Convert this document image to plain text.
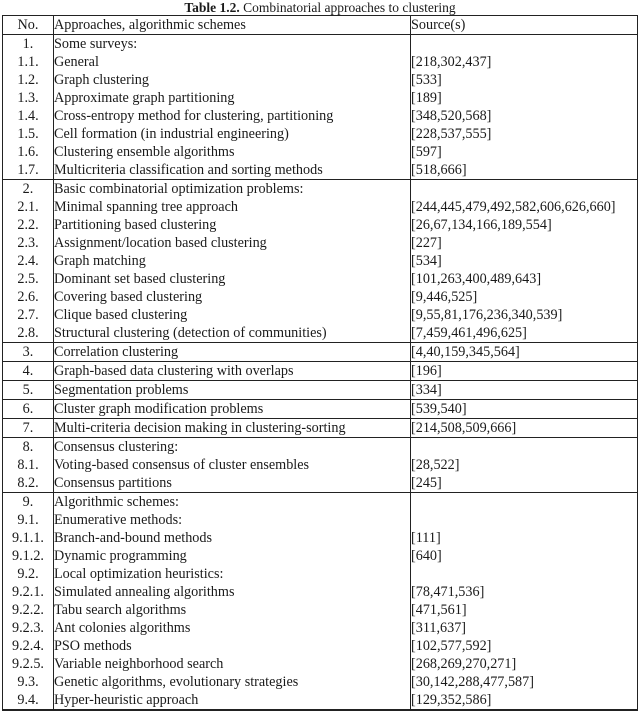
Table 1.2. Combinatorial approaches to clustering
No.	Approaches, algorithmic schemes	Source(s)
1.	Some surveys:	
1.1.	General	[218,302,437]
1.2.	Graph clustering	[533]
1.3.	Approximate graph partitioning	[189]
1.4.	Cross-entropy method for clustering, partitioning	[348,520,568]
1.5.	Cell formation (in industrial engineering)	[228,537,555]
1.6.	Clustering ensemble algorithms	[597]
1.7.	Multicriteria classification and sorting methods	[518,666]
2.	Basic combinatorial optimization problems:	
2.1.	Minimal spanning tree approach	[244,445,479,492,582,606,626,660]
2.2.	Partitioning based clustering	[26,67,134,166,189,554]
2.3.	Assignment/location based clustering	[227]
2.4.	Graph matching	[534]
2.5.	Dominant set based clustering	[101,263,400,489,643]
2.6.	Covering based clustering	[9,446,525]
2.7.	Clique based clustering	[9,55,81,176,236,340,539]
2.8.	Structural clustering (detection of communities)	[7,459,461,496,625]
3.	Correlation clustering	[4,40,159,345,564]
4.	Graph-based data clustering with overlaps	[196]
5.	Segmentation problems	[334]
6.	Cluster graph modification problems	[539,540]
7.	Multi-criteria decision making in clustering-sorting	[214,508,509,666]
8.	Consensus clustering:	
8.1.	Voting-based consensus of cluster ensembles	[28,522]
8.2.	Consensus partitions	[245]
9.	Algorithmic schemes:	
9.1.	Enumerative methods:	
9.1.1.	Branch-and-bound methods	[111]
9.1.2.	Dynamic programming	[640]
9.2.	Local optimization heuristics:	
9.2.1.	Simulated annealing algorithms	[78,471,536]
9.2.2.	Tabu search algorithms	[471,561]
9.2.3.	Ant colonies algorithms	[311,637]
9.2.4.	PSO methods	[102,577,592]
9.2.5.	Variable neighborhood search	[268,269,270,271]
9.3.	Genetic algorithms, evolutionary strategies	[30,142,288,477,587]
9.4.	Hyper-heuristic approach	[129,352,586]
